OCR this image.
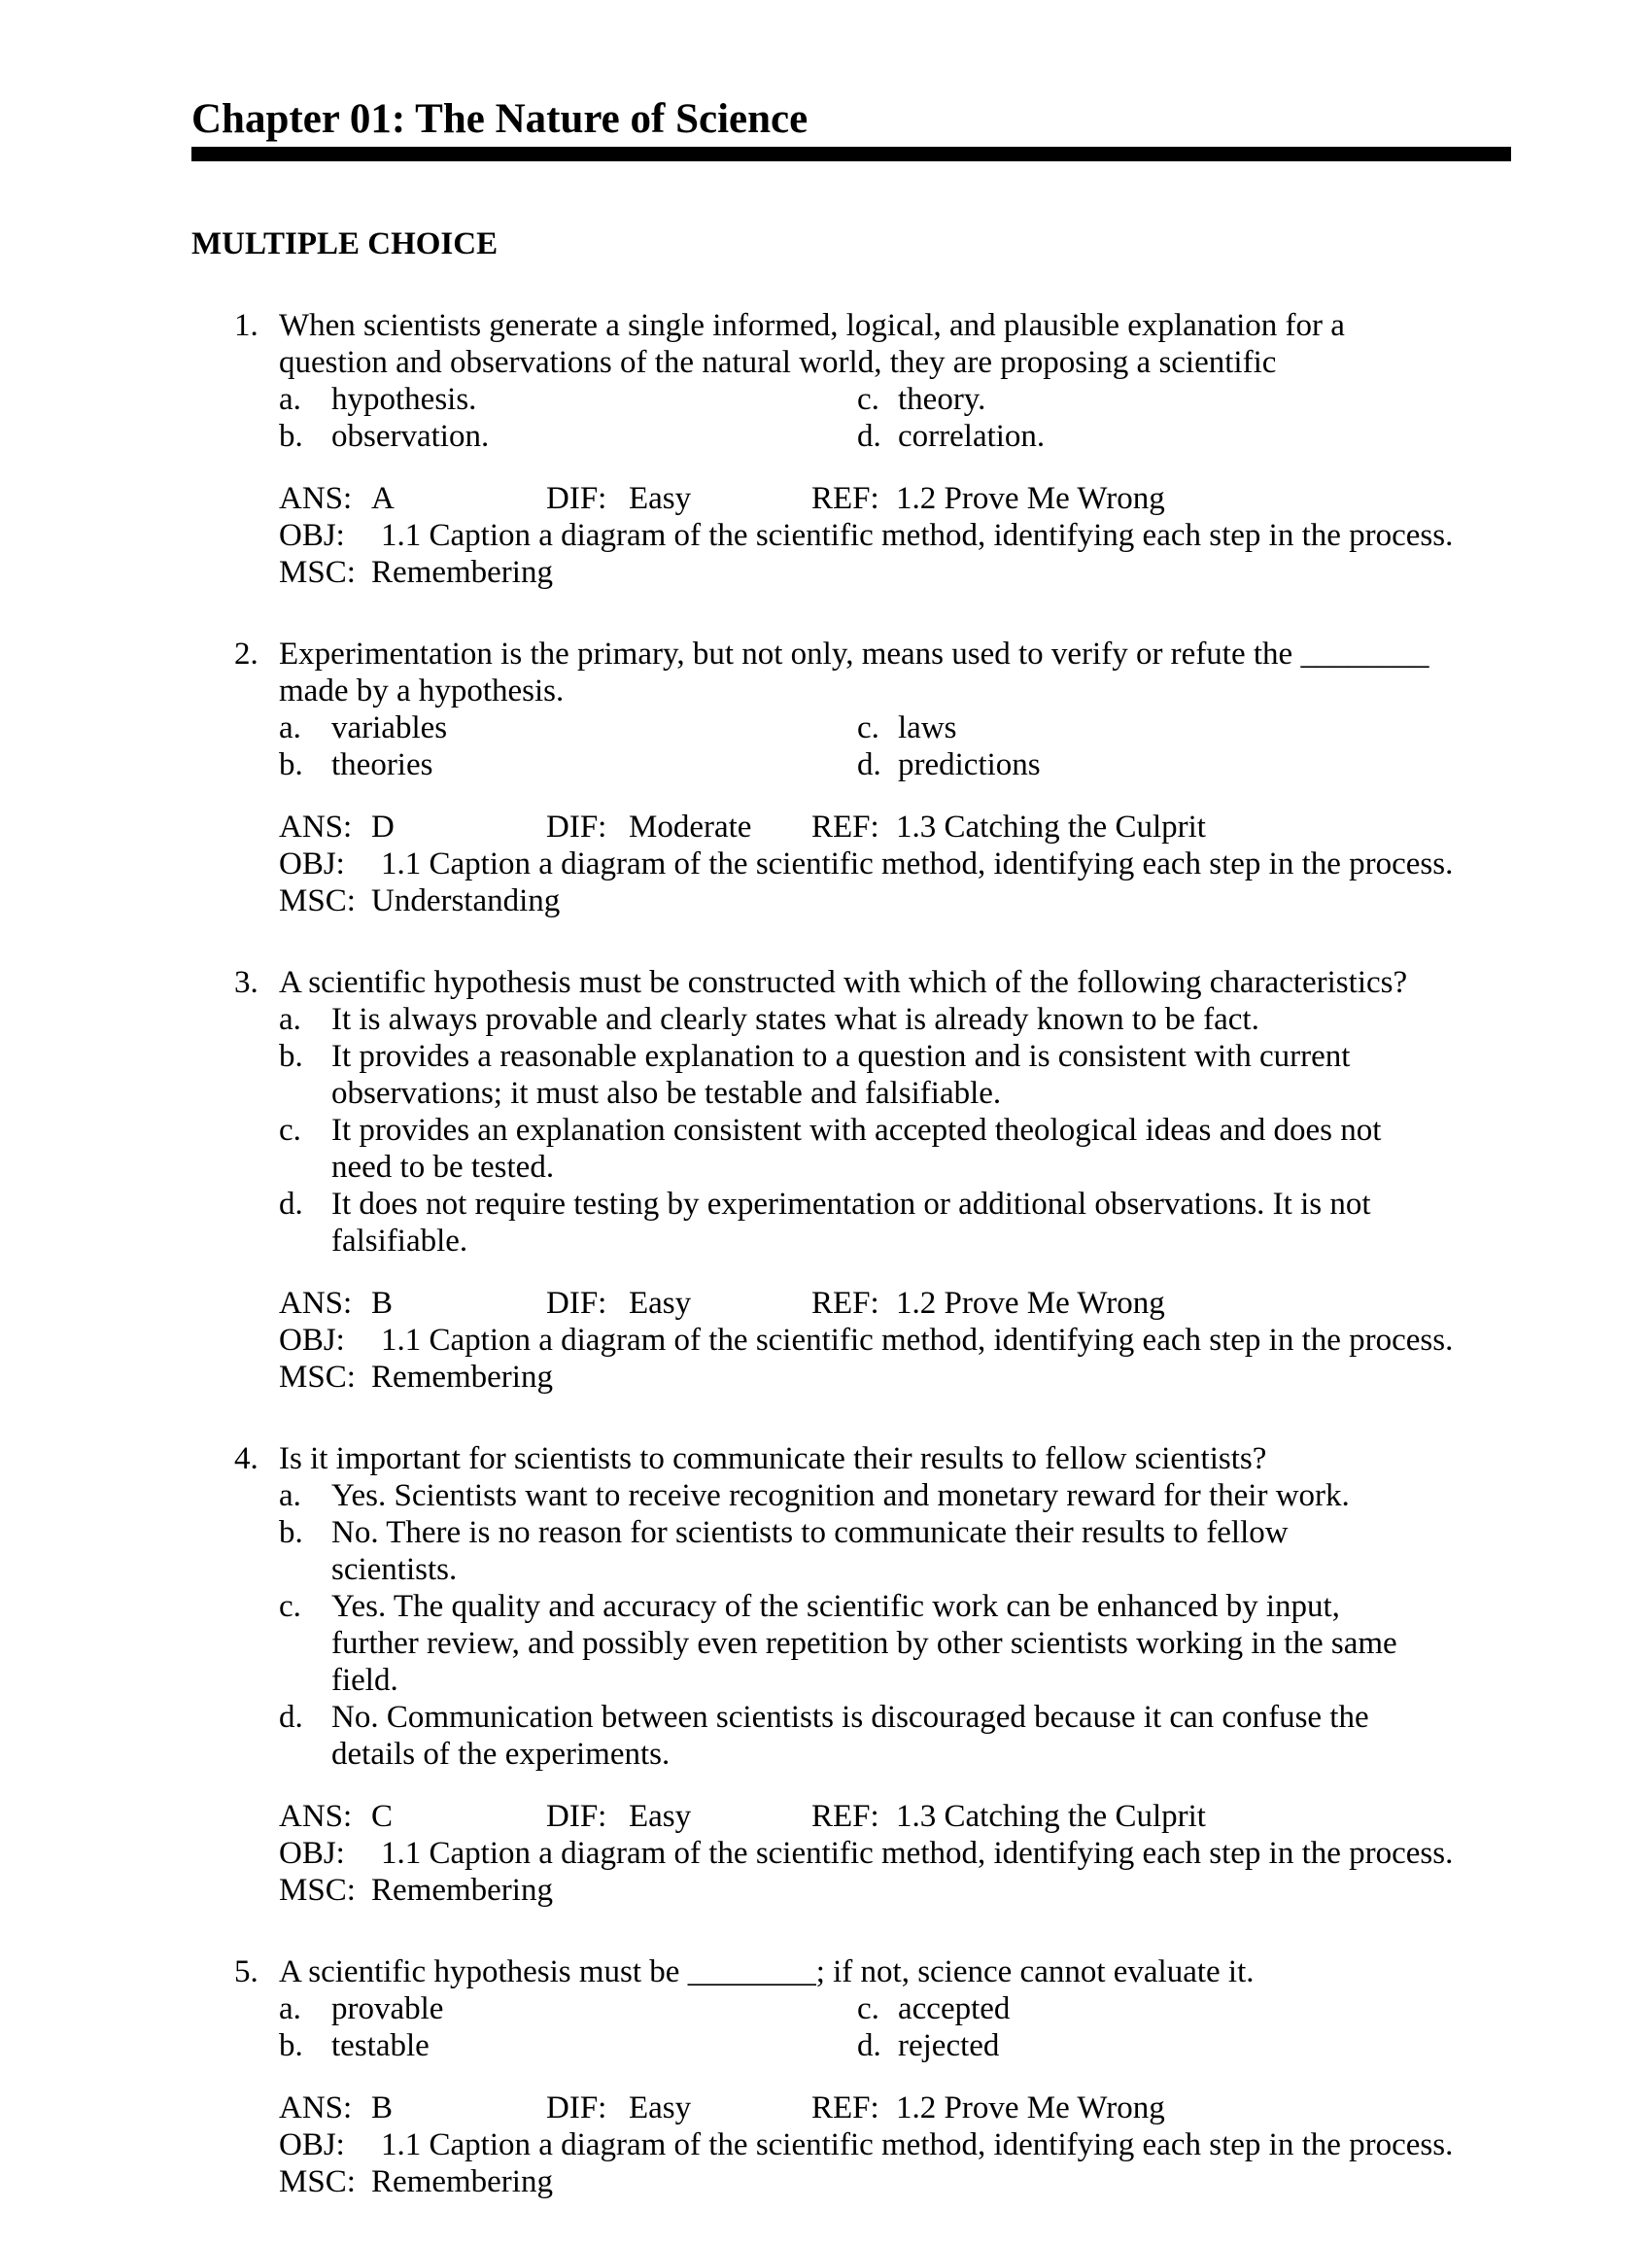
Chapter 01: The Nature of Science
MULTIPLE CHOICE
1. When scientists generate a single informed, logical, and plausible explanation for a question and observations of the natural world, they are proposing a scientific
a. hypothesis.	c. theory.
b. observation.	d. correlation.
ANS: A	DIF: Easy	REF: 1.2 Prove Me Wrong
OBJ: 1.1 Caption a diagram of the scientific method, identifying each step in the process.
MSC: Remembering
2. Experimentation is the primary, but not only, means used to verify or refute the ________ made by a hypothesis.
a. variables	c. laws
b. theories	d. predictions
ANS: D	DIF: Moderate REF: 1.3 Catching the Culprit
OBJ: 1.1 Caption a diagram of the scientific method, identifying each step in the process.
MSC: Understanding
3. A scientific hypothesis must be constructed with which of the following characteristics?
a. It is always provable and clearly states what is already known to be fact.
b. It provides a reasonable explanation to a question and is consistent with current observations; it must also be testable and falsifiable.
c. It provides an explanation consistent with accepted theological ideas and does not need to be tested.
d. It does not require testing by experimentation or additional observations. It is not falsifiable.
ANS: B	DIF: Easy	REF: 1.2 Prove Me Wrong
OBJ: 1.1 Caption a diagram of the scientific method, identifying each step in the process.
MSC: Remembering
4. Is it important for scientists to communicate their results to fellow scientists?
a. Yes. Scientists want to receive recognition and monetary reward for their work.
b. No. There is no reason for scientists to communicate their results to fellow scientists.
c. Yes. The quality and accuracy of the scientific work can be enhanced by input, further review, and possibly even repetition by other scientists working in the same field.
d. No. Communication between scientists is discouraged because it can confuse the details of the experiments.
ANS: C	DIF: Easy	REF: 1.3 Catching the Culprit
OBJ: 1.1 Caption a diagram of the scientific method, identifying each step in the process.
MSC: Remembering
5. A scientific hypothesis must be ________; if not, science cannot evaluate it.
a. provable	c. accepted
b. testable	d. rejected
ANS: B	DIF: Easy	REF: 1.2 Prove Me Wrong
OBJ: 1.1 Caption a diagram of the scientific method, identifying each step in the process.
MSC: Remembering
